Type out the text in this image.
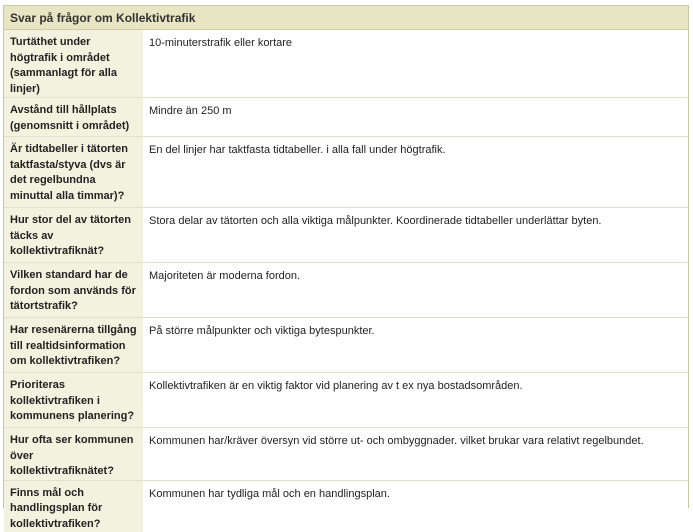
Svar på frågor om Kollektivtrafik
Turtäthet under högtrafik i området (sammanlagt för alla linjer)	10-minuterstrafik eller kortare
Avstånd till hållplats (genomsnitt i området)	Mindre än 250 m
Är tidtabeller i tätorten taktfasta/styva (dvs är det regelbundna minuttal alla timmar)?	En del linjer har taktfasta tidtabeller. i alla fall under högtrafik.
Hur stor del av tätorten täcks av kollektivtrafiknät?	Stora delar av tätorten och alla viktiga målpunkter. Koordinerade tidtabeller underlättar byten.
Vilken standard har de fordon som används för tätortstrafik?	Majoriteten är moderna fordon.
Har resenärerna tillgång till realtidsinformation om kollektivtrafiken?	På större målpunkter och viktiga bytespunkter.
Prioriteras kollektivtrafiken i kommunens planering?	Kollektivtrafiken är en viktig faktor vid planering av t ex nya bostadsområden.
Hur ofta ser kommunen över kollektivtrafiknätet?	Kommunen har/kräver översyn vid större ut- och ombyggnader. vilket brukar vara relativt regelbundet.
Finns mål och handlingsplan för kollektivtrafiken?	Kommunen har tydliga mål och en handlingsplan.
